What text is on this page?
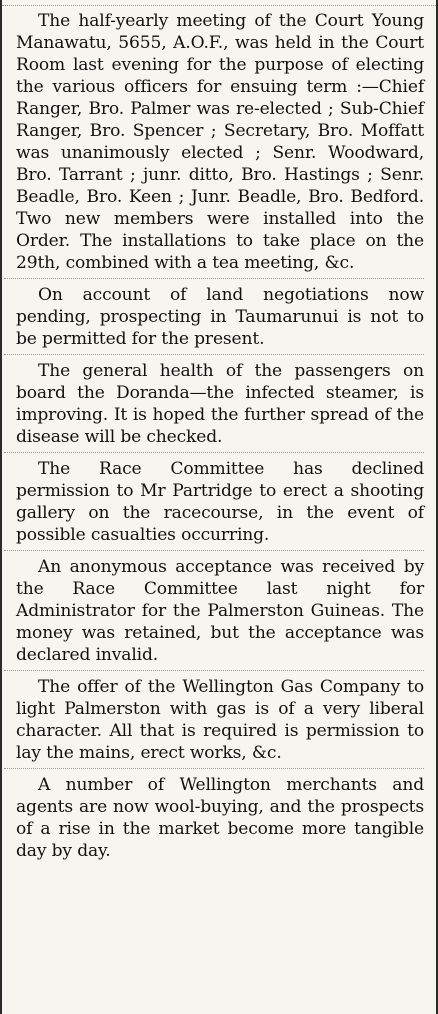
The half-yearly meeting of the Court Young Manawatu, 5655, A.O.F., was held in the Court Room last evening for the purpose of electing the various officers for ensuing term :—Chief Ranger, Bro. Palmer was re-elected ; Sub-Chief Ranger, Bro. Spencer ; Secretary, Bro. Moffatt was unanimously elected ; Senr. Woodward, Bro. Tarrant ; junr. ditto, Bro. Hastings ; Senr. Beadle, Bro. Keen ; Junr. Beadle, Bro. Bedford. Two new members were installed into the Order. The installations to take place on the 29th, combined with a tea meeting, &c.

On account of land negotiations now pending, prospecting in Taumarunui is not to be permitted for the present.

The general health of the passengers on board the Doranda—the infected steamer, is improving. It is hoped the further spread of the disease will be checked.

The Race Committee has declined permission to Mr Partridge to erect a shooting gallery on the racecourse, in the event of possible casualties occurring.

An anonymous acceptance was received by the Race Committee last night for Administrator for the Palmerston Guineas. The money was retained, but the acceptance was declared invalid.

The offer of the Wellington Gas Company to light Palmerston with gas is of a very liberal character. All that is required is permission to lay the mains, erect works, &c.

A number of Wellington merchants and agents are now wool-buying, and the prospects of a rise in the market become more tangible day by day.
